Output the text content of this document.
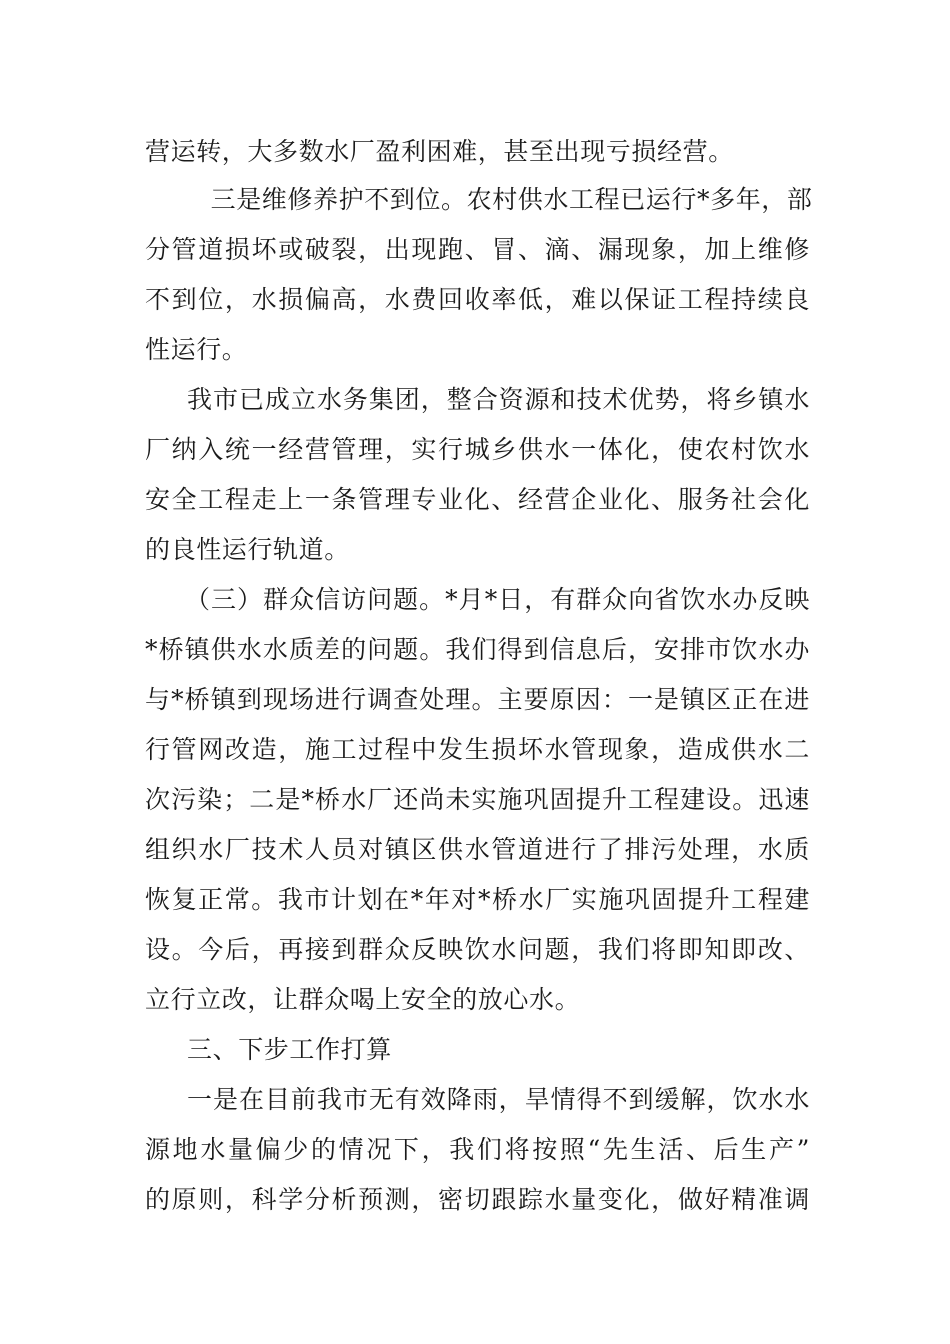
营运转，大多数水厂盈利困难，甚至出现亏损经营。
　三是维修养护不到位。农村供水工程已运行*多年，部
分管道损坏或破裂，出现跑、冒、滴、漏现象，加上维修
不到位，水损偏高，水费回收率低，难以保证工程持续良
性运行。
我市已成立水务集团，整合资源和技术优势，将乡镇水
厂纳入统一经营管理，实行城乡供水一体化，使农村饮水
安全工程走上一条管理专业化、经营企业化、服务社会化
的良性运行轨道。
（三）群众信访问题。*月*日，有群众向省饮水办反映
*桥镇供水水质差的问题。我们得到信息后，安排市饮水办
与*桥镇到现场进行调查处理。主要原因：一是镇区正在进
行管网改造，施工过程中发生损坏水管现象，造成供水二
次污染；二是*桥水厂还尚未实施巩固提升工程建设。迅速
组织水厂技术人员对镇区供水管道进行了排污处理，水质
恢复正常。我市计划在*年对*桥水厂实施巩固提升工程建
设。今后，再接到群众反映饮水问题，我们将即知即改、
立行立改，让群众喝上安全的放心水。
三、下步工作打算
一是在目前我市无有效降雨，旱情得不到缓解，饮水水
源地水量偏少的情况下，我们将按照“先生活、后生产”
的原则，科学分析预测，密切跟踪水量变化，做好精准调
